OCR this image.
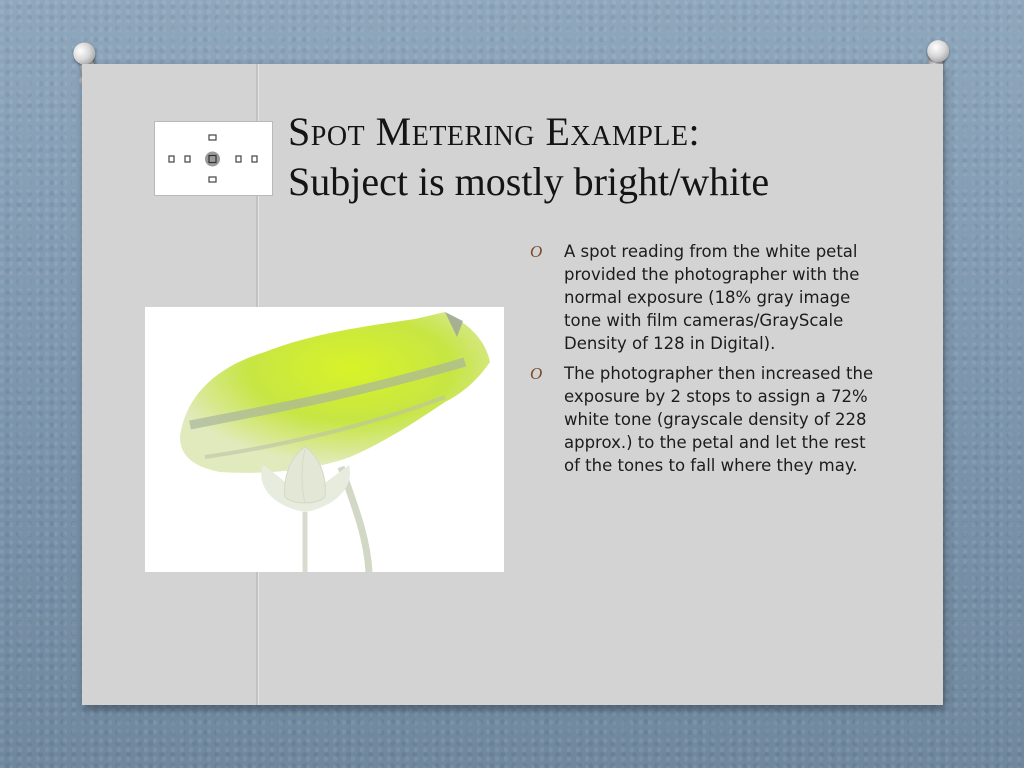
Spot Metering Example:
Subject is mostly bright/white
O A spot reading from the white petal provided the photographer with the normal exposure (18% gray image tone with film cameras/GrayScale Density of 128 in Digital).
O The photographer then increased the exposure by 2 stops to assign a 72% white tone (grayscale density of 228 approx.) to the petal and let the rest of the tones to fall where they may.
